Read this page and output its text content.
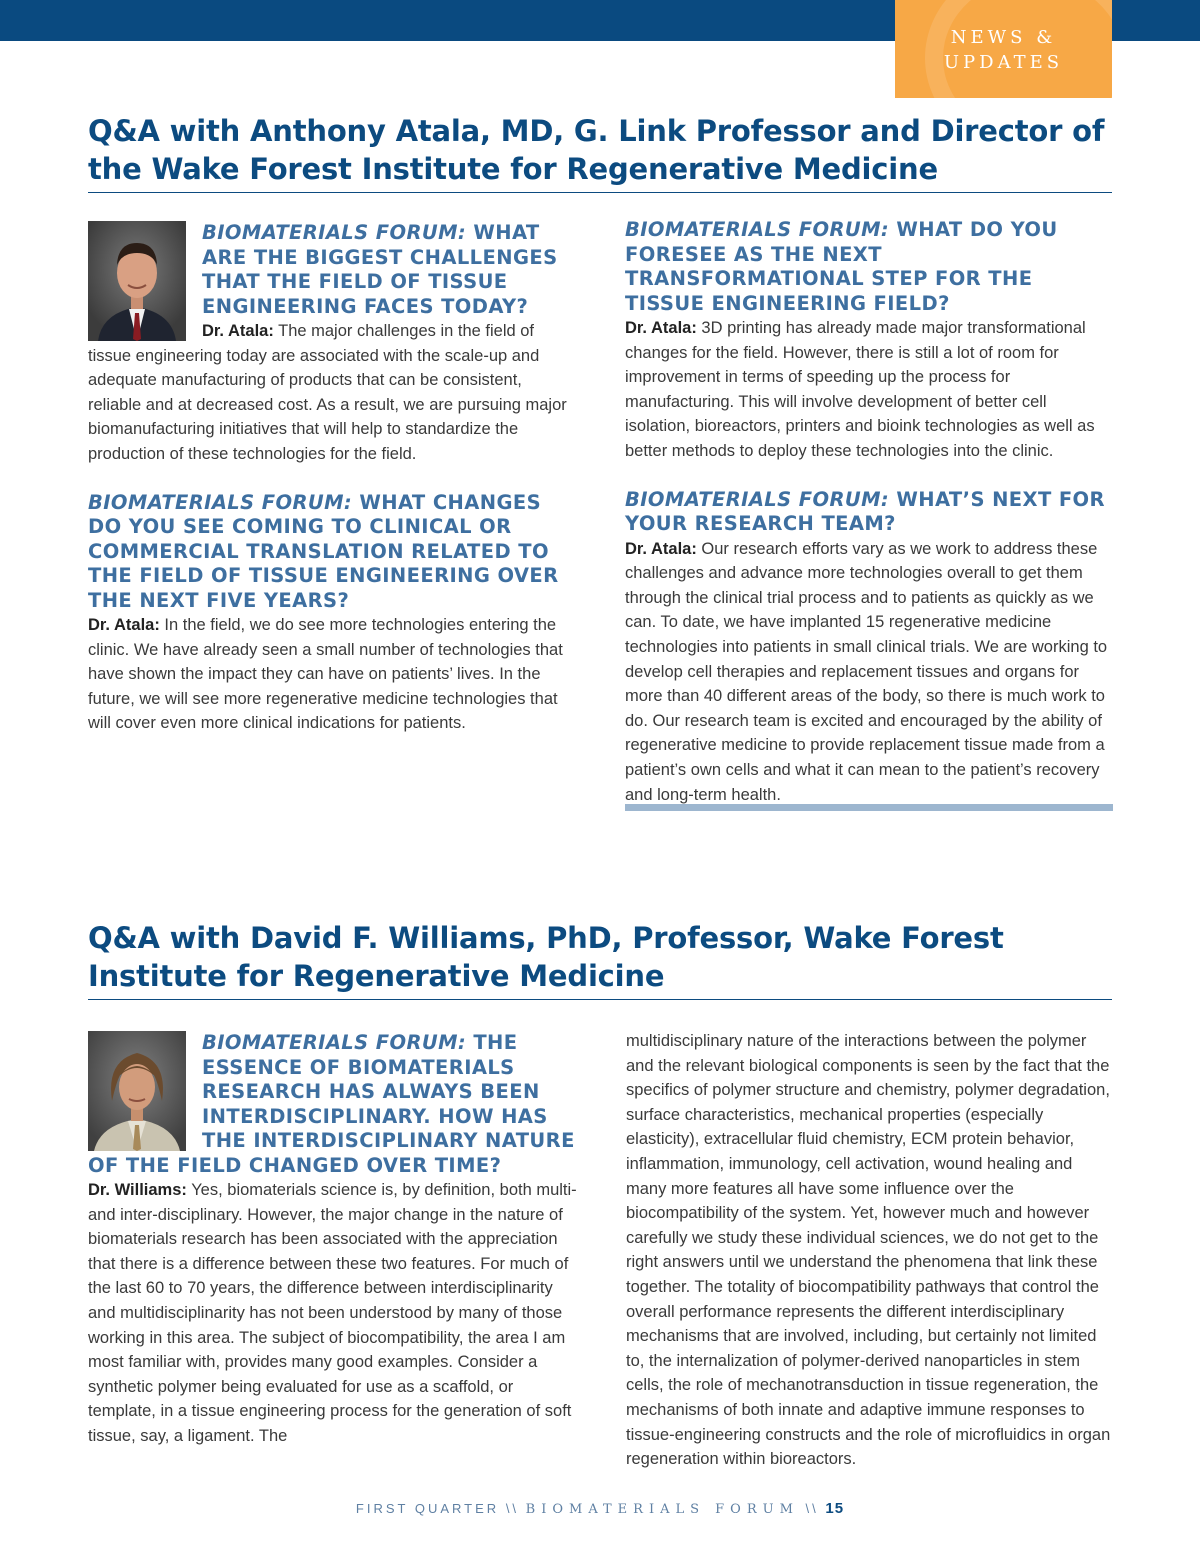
NEWS &
UPDATES
Q&A with Anthony Atala, MD, G. Link Professor and Director of the Wake Forest Institute for Regenerative Medicine
BIOMATERIALS FORUM: WHAT ARE THE BIGGEST CHALLENGES THAT THE FIELD OF TISSUE ENGINEERING FACES TODAY?
Dr. Atala: The major challenges in the field of tissue engineering today are associated with the scale-up and adequate manufacturing of products that can be consistent, reliable and at decreased cost. As a result, we are pursuing major biomanufacturing initiatives that will help to standardize the production of these technologies for the field.
BIOMATERIALS FORUM: WHAT CHANGES DO YOU SEE COMING TO CLINICAL OR COMMERCIAL TRANSLATION RELATED TO THE FIELD OF TISSUE ENGINEERING OVER THE NEXT FIVE YEARS?
Dr. Atala: In the field, we do see more technologies entering the clinic. We have already seen a small number of technologies that have shown the impact they can have on patients’ lives. In the future, we will see more regenerative medicine technologies that will cover even more clinical indications for patients.
BIOMATERIALS FORUM: WHAT DO YOU FORESEE AS THE NEXT TRANSFORMATIONAL STEP FOR THE TISSUE ENGINEERING FIELD?
Dr. Atala: 3D printing has already made major transformational changes for the field. However, there is still a lot of room for improvement in terms of speeding up the process for manufacturing. This will involve development of better cell isolation, bioreactors, printers and bioink technologies as well as better methods to deploy these technologies into the clinic.
BIOMATERIALS FORUM: WHAT’S NEXT FOR YOUR RESEARCH TEAM?
Dr. Atala: Our research efforts vary as we work to address these challenges and advance more technologies overall to get them through the clinical trial process and to patients as quickly as we can. To date, we have implanted 15 regenerative medicine technologies into patients in small clinical trials. We are working to develop cell therapies and replacement tissues and organs for more than 40 different areas of the body, so there is much work to do. Our research team is excited and encouraged by the ability of regenerative medicine to provide replacement tissue made from a patient’s own cells and what it can mean to the patient’s recovery and long-term health.
Q&A with David F. Williams, PhD, Professor, Wake Forest Institute for Regenerative Medicine
BIOMATERIALS FORUM: THE ESSENCE OF BIOMATERIALS RESEARCH HAS ALWAYS BEEN INTERDISCIPLINARY. HOW HAS THE INTERDISCIPLINARY NATURE OF THE FIELD CHANGED OVER TIME?
Dr. Williams: Yes, biomaterials science is, by definition, both multi- and inter-disciplinary. However, the major change in the nature of biomaterials research has been associated with the appreciation that there is a difference between these two features. For much of the last 60 to 70 years, the difference between interdisciplinarity and multidisciplinarity has not been understood by many of those working in this area. The subject of biocompatibility, the area I am most familiar with, provides many good examples. Consider a synthetic polymer being evaluated for use as a scaffold, or template, in a tissue engineering process for the generation of soft tissue, say, a ligament. The
multidisciplinary nature of the interactions between the polymer and the relevant biological components is seen by the fact that the specifics of polymer structure and chemistry, polymer degradation, surface characteristics, mechanical properties (especially elasticity), extracellular fluid chemistry, ECM protein behavior, inflammation, immunology, cell activation, wound healing and many more features all have some influence over the biocompatibility of the system. Yet, however much and however carefully we study these individual sciences, we do not get to the right answers until we understand the phenomena that link these together. The totality of biocompatibility pathways that control the overall performance represents the different interdisciplinary mechanisms that are involved, including, but certainly not limited to, the internalization of polymer-derived nanoparticles in stem cells, the role of mechanotransduction in tissue regeneration, the mechanisms of both innate and adaptive immune responses to tissue-engineering constructs and the role of microfluidics in organ regeneration within bioreactors.
FIRST QUARTER \\ BIOMATERIALS FORUM \\ 15
